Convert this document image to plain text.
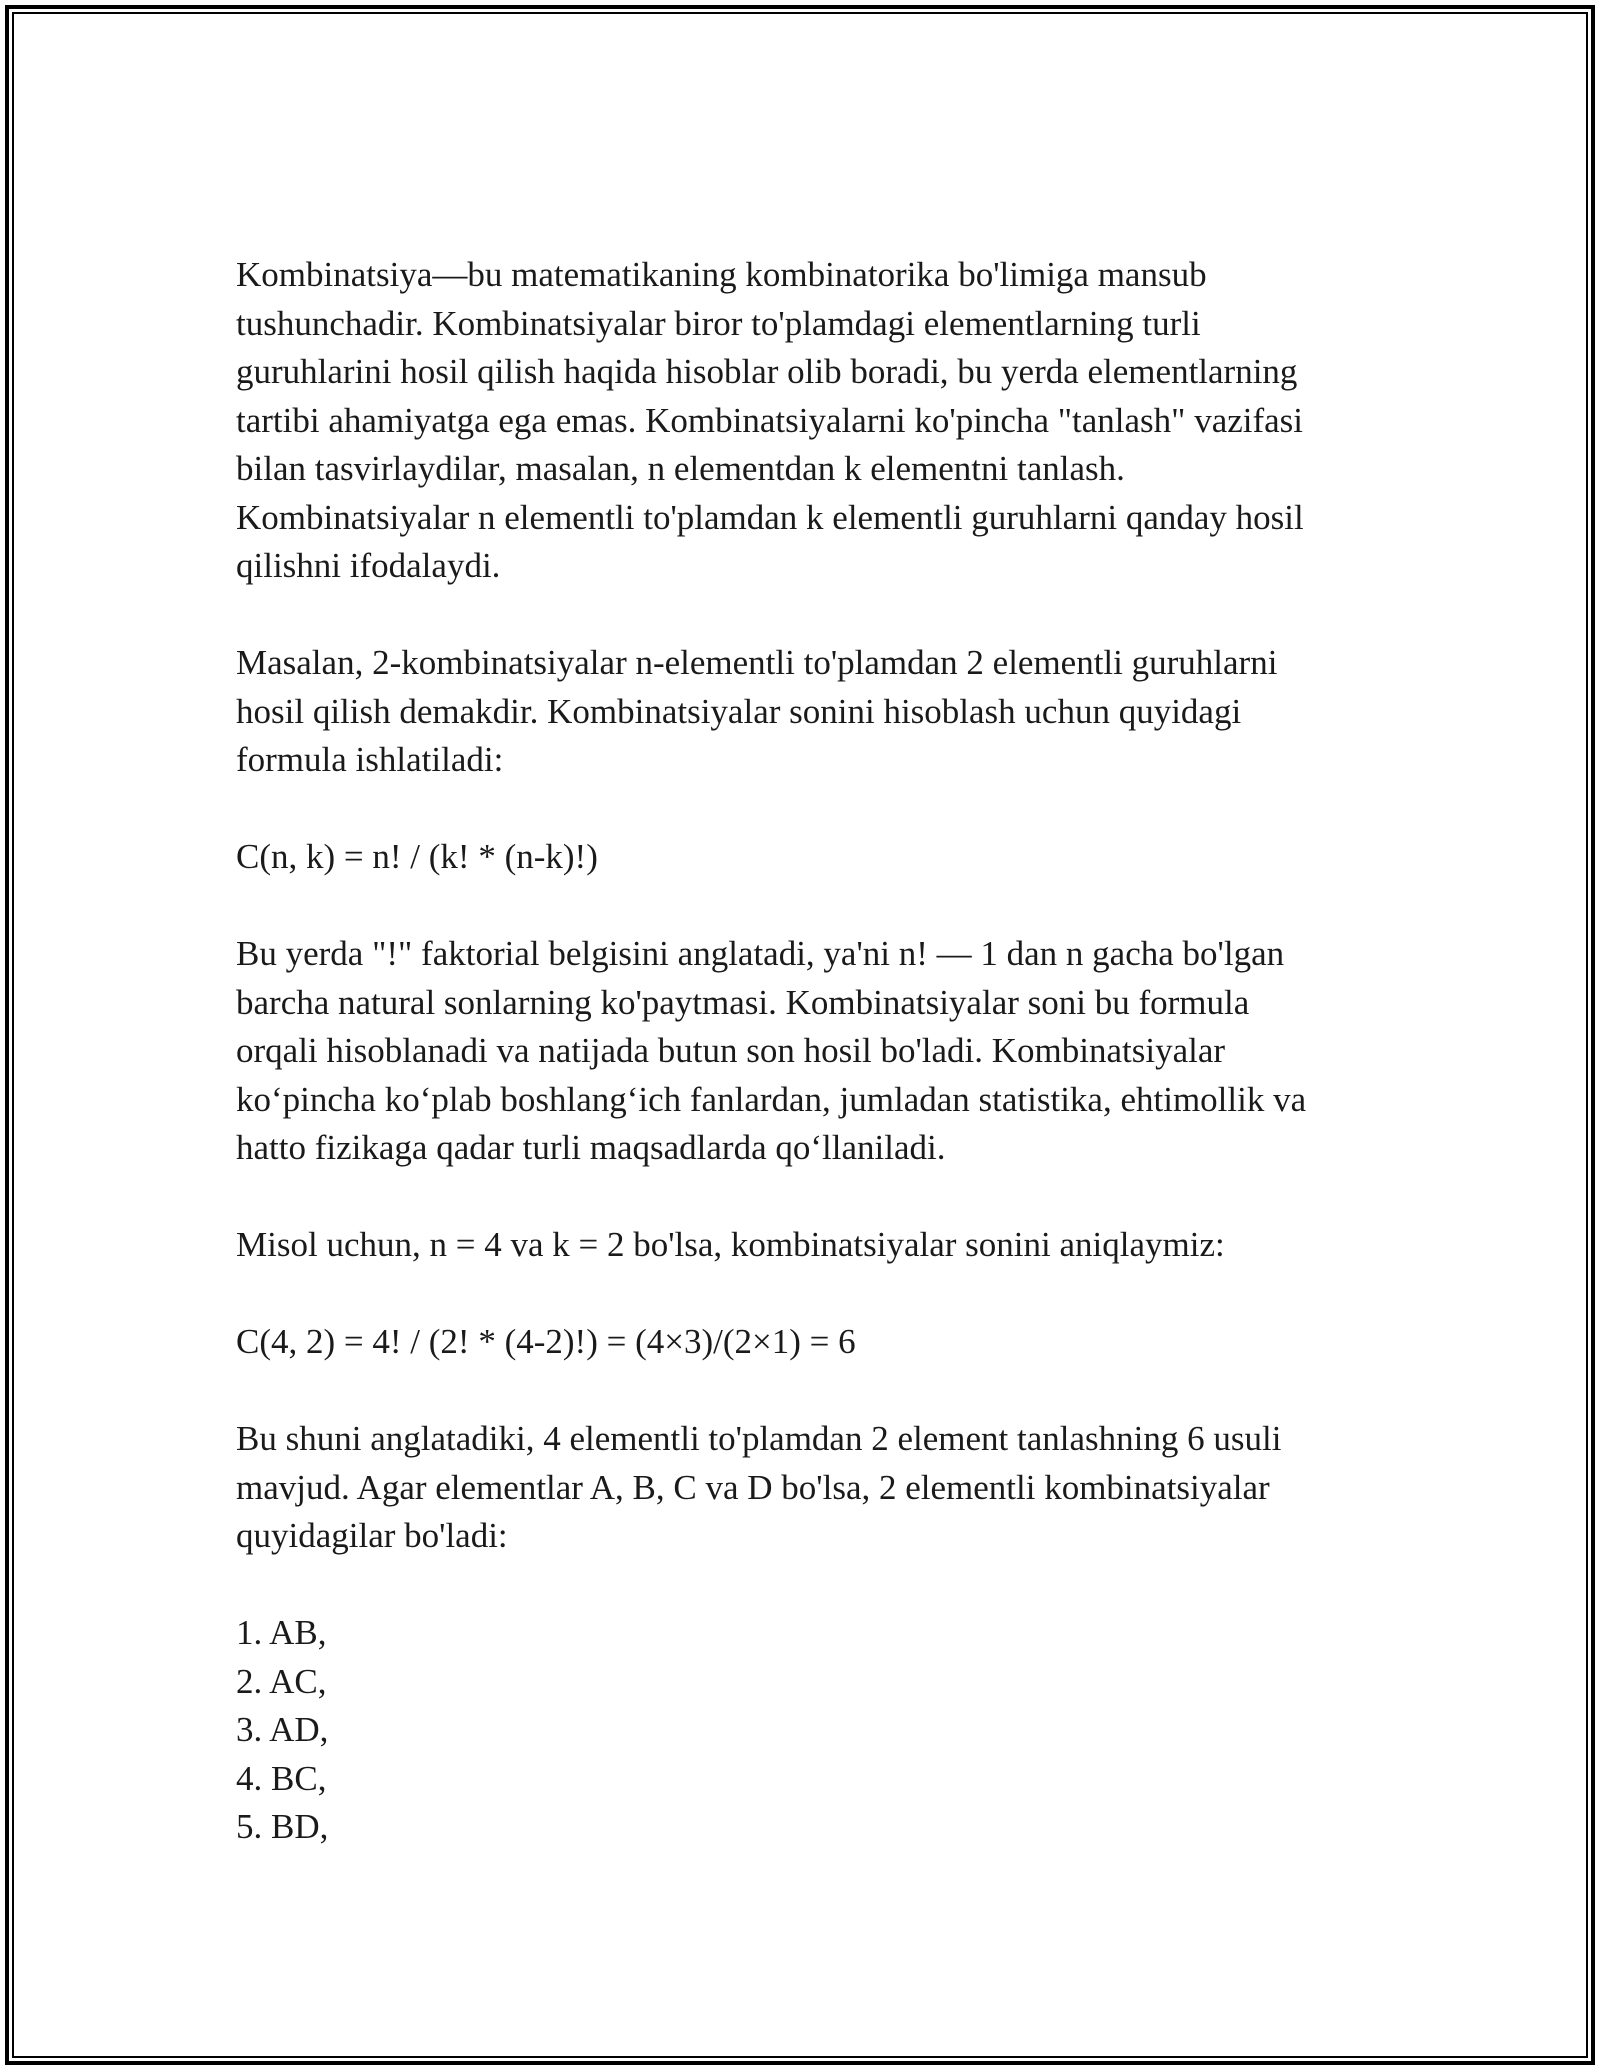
Kombinatsiya—bu matematikaning kombinatorika bo'limiga mansub
tushunchadir. Kombinatsiyalar biror to'plamdagi elementlarning turli
guruhlarini hosil qilish haqida hisoblar olib boradi, bu yerda elementlarning
tartibi ahamiyatga ega emas. Kombinatsiyalarni ko'pincha "tanlash" vazifasi
bilan tasvirlaydilar, masalan, n elementdan k elementni tanlash.
Kombinatsiyalar n elementli to'plamdan k elementli guruhlarni qanday hosil
qilishni ifodalaydi.

Masalan, 2-kombinatsiyalar n-elementli to'plamdan 2 elementli guruhlarni
hosil qilish demakdir. Kombinatsiyalar sonini hisoblash uchun quyidagi
formula ishlatiladi:

C(n, k) = n! / (k! * (n-k)!)

Bu yerda "!" faktorial belgisini anglatadi, ya'ni n! — 1 dan n gacha bo'lgan
barcha natural sonlarning ko'paytmasi. Kombinatsiyalar soni bu formula
orqali hisoblanadi va natijada butun son hosil bo'ladi. Kombinatsiyalar
ko‘pincha ko‘plab boshlang‘ich fanlardan, jumladan statistika, ehtimollik va
hatto fizikaga qadar turli maqsadlarda qo‘llaniladi.

Misol uchun, n = 4 va k = 2 bo'lsa, kombinatsiyalar sonini aniqlaymiz:

C(4, 2) = 4! / (2! * (4-2)!) = (4×3)/(2×1) = 6

Bu shuni anglatadiki, 4 elementli to'plamdan 2 element tanlashning 6 usuli
mavjud. Agar elementlar A, B, C va D bo'lsa, 2 elementli kombinatsiyalar
quyidagilar bo'ladi:

1. AB,
2. AC,
3. AD,
4. BC,
5. BD,
